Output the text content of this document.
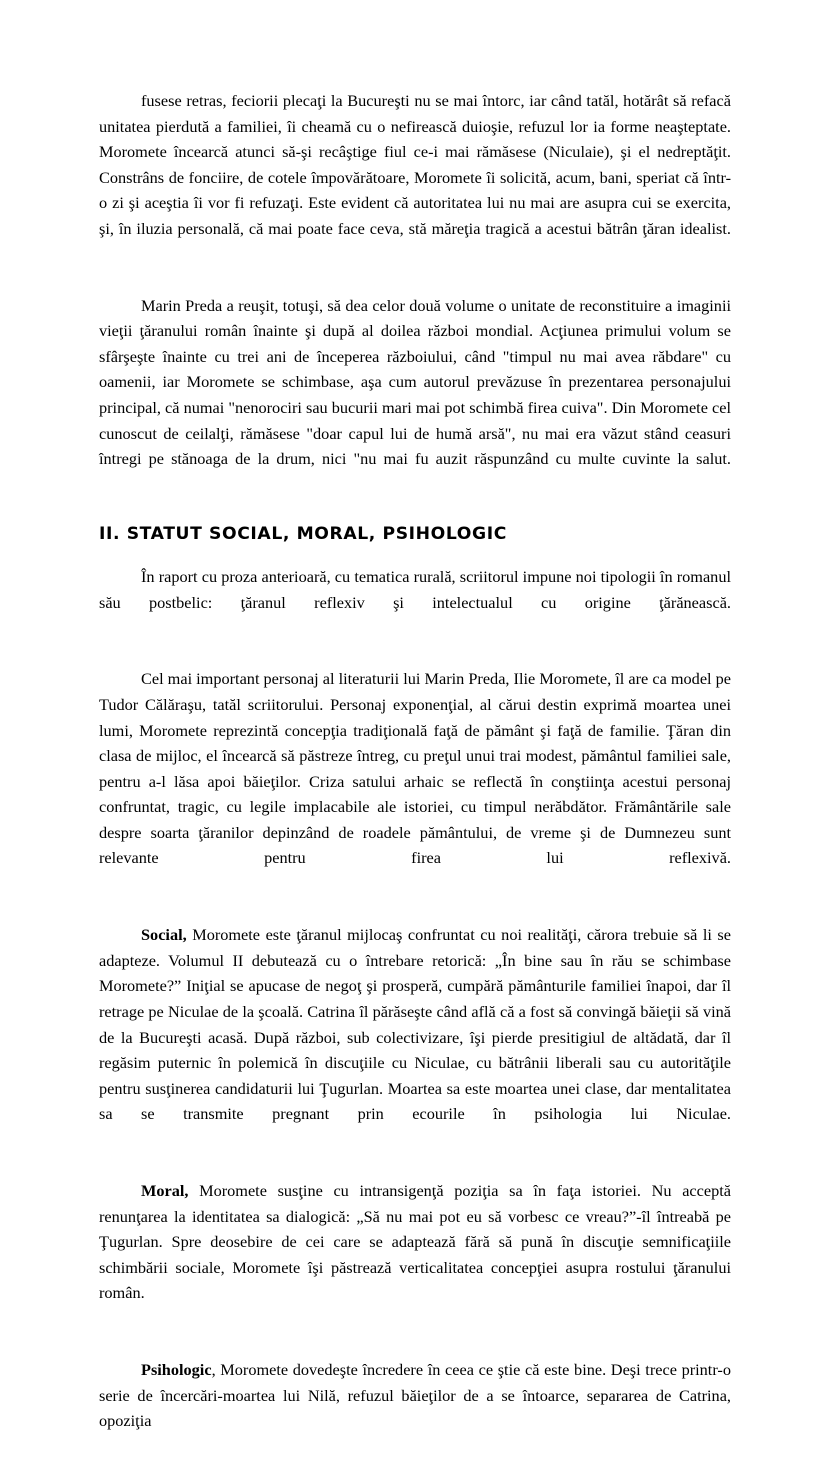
fusese retras, feciorii plecaţi la Bucureşti nu se mai întorc, iar când tatăl, hotărât să refacă unitatea pierdută a familiei, îi cheamă cu o nefirească duioşie, refuzul lor ia forme neaşteptate. Moromete încearcă atunci să-şi recâştige fiul ce-i mai rămăsese (Niculaie), şi el nedreptăţit. Constrâns de fonciire, de cotele împovărătoare, Moromete îi solicită, acum, bani, speriat că într-o zi şi aceştia îi vor fi refuzaţi. Este evident că autoritatea lui nu mai are asupra cui se exercita, şi, în iluzia personală, că mai poate face ceva, stă măreţia tragică a acestui bătrân ţăran idealist.

Marin Preda a reuşit, totuşi, să dea celor două volume o unitate de reconstituire a imaginii vieţii ţăranului român înainte şi după al doilea război mondial. Acţiunea primului volum se sfârşeşte înainte cu trei ani de începerea războiului, când "timpul nu mai avea răbdare" cu oamenii, iar Moromete se schimbase, aşa cum autorul prevăzuse în prezentarea personajului principal, că numai "nenorociri sau bucurii mari mai pot schimbă firea cuiva". Din Moromete cel cunoscut de ceilalţi, rămăsese "doar capul lui de humă arsă", nu mai era văzut stând ceasuri întregi pe stănoaga de la drum, nici "nu mai fu auzit răspunzând cu multe cuvinte la salut.

II. STATUT SOCIAL, MORAL, PSIHOLOGIC

În raport cu proza anterioară, cu tematica rurală, scriitorul impune noi tipologii în romanul său postbelic: ţăranul reflexiv şi intelectualul cu origine ţărănească.

Cel mai important personaj al literaturii lui Marin Preda, Ilie Moromete, îl are ca model pe Tudor Călăraşu, tatăl scriitorului. Personaj exponenţial, al cărui destin exprimă moartea unei lumi, Moromete reprezintă concepţia tradiţională faţă de pământ şi faţă de familie. Ţăran din clasa de mijloc, el încearcă să păstreze întreg, cu preţul unui trai modest, pământul familiei sale, pentru a-l lăsa apoi băieţilor. Criza satului arhaic se reflectă în conştiinţa acestui personaj confruntat, tragic, cu legile implacabile ale istoriei, cu timpul nerăbdător. Frământările sale despre soarta ţăranilor depinzând de roadele pământului, de vreme şi de Dumnezeu sunt relevante pentru firea lui reflexivă.

Social, Moromete este ţăranul mijlocaş confruntat cu noi realităţi, cărora trebuie să li se adapteze. Volumul II debutează cu o întrebare retorică: „În bine sau în rău se schimbase Moromete?” Iniţial se apucase de negoţ şi prosperă, cumpără pământurile familiei înapoi, dar îl retrage pe Niculae de la şcoală. Catrina îl părăseşte când află că a fost să convingă băieţii să vină de la Bucureşti acasă. După război, sub colectivizare, îşi pierde presitigiul de altădată, dar îl regăsim puternic în polemică în discuţiile cu Niculae, cu bătrânii liberali sau cu autorităţile pentru susţinerea candidaturii lui Ţugurlan. Moartea sa este moartea unei clase, dar mentalitatea sa se transmite pregnant prin ecourile în psihologia lui Niculae.

Moral, Moromete susţine cu intransigenţă poziţia sa în faţa istoriei. Nu acceptă renunţarea la identitatea sa dialogică: „Să nu mai pot eu să vorbesc ce vreau?”-îl întreabă pe Ţugurlan. Spre deosebire de cei care se adaptează fără să pună în discuţie semnificaţiile schimbării sociale, Moromete îşi păstrează verticalitatea concepţiei asupra rostului ţăranului român.

Psihologic, Moromete dovedeşte încredere în ceea ce ştie că este bine. Deşi trece printr-o serie de încercări-moartea lui Nilă, refuzul băieţilor de a se întoarce, separarea de Catrina, opoziţia
